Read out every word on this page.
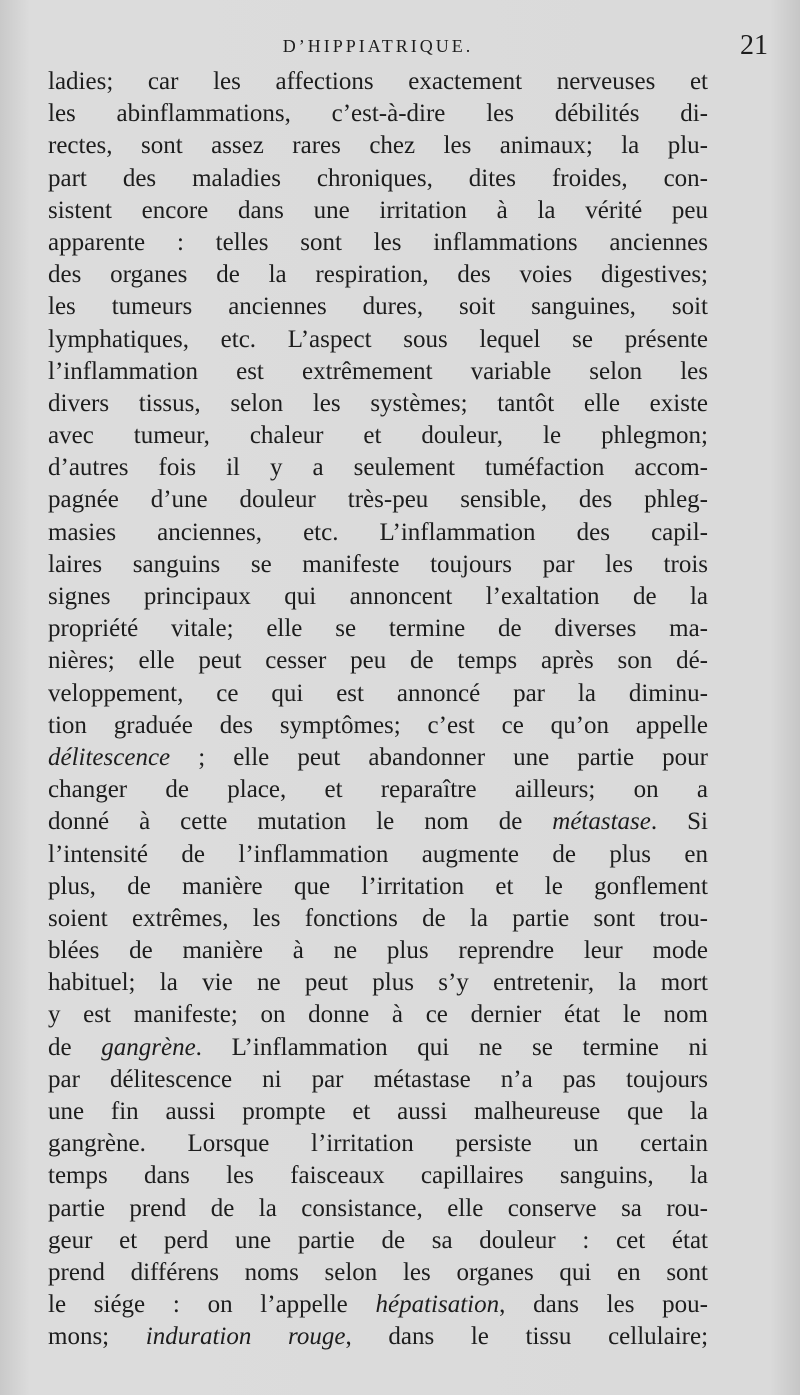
D’HIPPIATRIQUE.	21
ladies; car les affections exactement nerveuses et
les abinflammations, c’est-à-dire les débilités di-
rectes, sont assez rares chez les animaux; la plu-
part des maladies chroniques, dites froides, con-
sistent encore dans une irritation à la vérité peu
apparente : telles sont les inflammations anciennes
des organes de la respiration, des voies digestives;
les tumeurs anciennes dures, soit sanguines, soit
lymphatiques, etc. L’aspect sous lequel se présente
l’inflammation est extrêmement variable selon les
divers tissus, selon les systèmes; tantôt elle existe
avec tumeur, chaleur et douleur, le phlegmon;
d’autres fois il y a seulement tuméfaction accom-
pagnée d’une douleur très-peu sensible, des phleg-
masies anciennes, etc. L’inflammation des capil-
laires sanguins se manifeste toujours par les trois
signes principaux qui annoncent l’exaltation de la
propriété vitale; elle se termine de diverses ma-
nières; elle peut cesser peu de temps après son dé-
veloppement, ce qui est annoncé par la diminu-
tion graduée des symptômes; c’est ce qu’on appelle
délitescence ; elle peut abandonner une partie pour
changer de place, et reparaître ailleurs; on a
donné à cette mutation le nom de métastase. Si
l’intensité de l’inflammation augmente de plus en
plus, de manière que l’irritation et le gonflement
soient extrêmes, les fonctions de la partie sont trou-
blées de manière à ne plus reprendre leur mode
habituel; la vie ne peut plus s’y entretenir, la mort
y est manifeste; on donne à ce dernier état le nom
de gangrène. L’inflammation qui ne se termine ni
par délitescence ni par métastase n’a pas toujours
une fin aussi prompte et aussi malheureuse que la
gangrène. Lorsque l’irritation persiste un certain
temps dans les faisceaux capillaires sanguins, la
partie prend de la consistance, elle conserve sa rou-
geur et perd une partie de sa douleur : cet état
prend différens noms selon les organes qui en sont
le siége : on l’appelle hépatisation, dans les pou-
mons; induration rouge, dans le tissu cellulaire;
